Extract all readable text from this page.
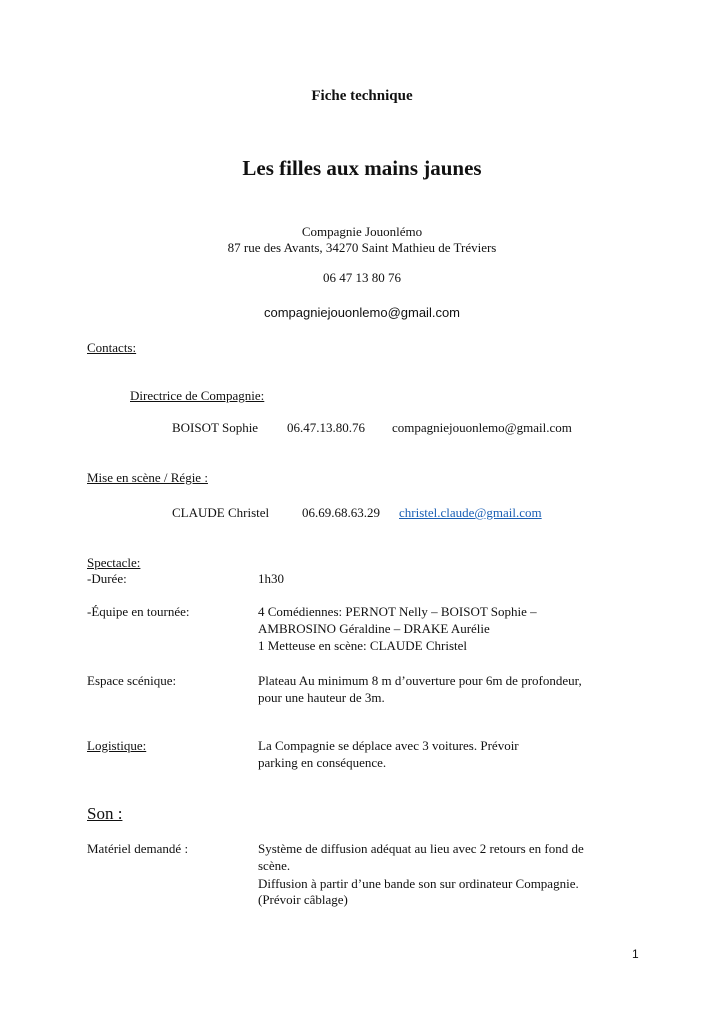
Fiche technique
Les filles aux mains jaunes
Compagnie Jouonlémo
87 rue des Avants, 34270 Saint Mathieu de Tréviers
06 47 13 80 76
compagniejouonlemo@gmail.com
Contacts:
Directrice de Compagnie:
BOISOT Sophie 06.47.13.80.76 compagniejouonlemo@gmail.com
Mise en scène / Régie :
CLAUDE Christel	06.69.68.63.29 christel.claude@gmail.com
Spectacle:
-Durée:	1h30
-Équipe en tournée:	4 Comédiennes: PERNOT Nelly – BOISOT Sophie –
AMBROSINO Géraldine – DRAKE Aurélie
1 Metteuse en scène: CLAUDE Christel
Espace scénique:	Plateau Au minimum 8 m d’ouverture pour 6m de profondeur,
pour une hauteur de 3m.
Logistique:	La Compagnie se déplace avec 3 voitures. Prévoir
parking en conséquence.
Son :
Matériel demandé :	Système de diffusion adéquat au lieu avec 2 retours en fond de
scène.
Diffusion à partir d’une bande son sur ordinateur Compagnie.
(Prévoir câblage)
1
